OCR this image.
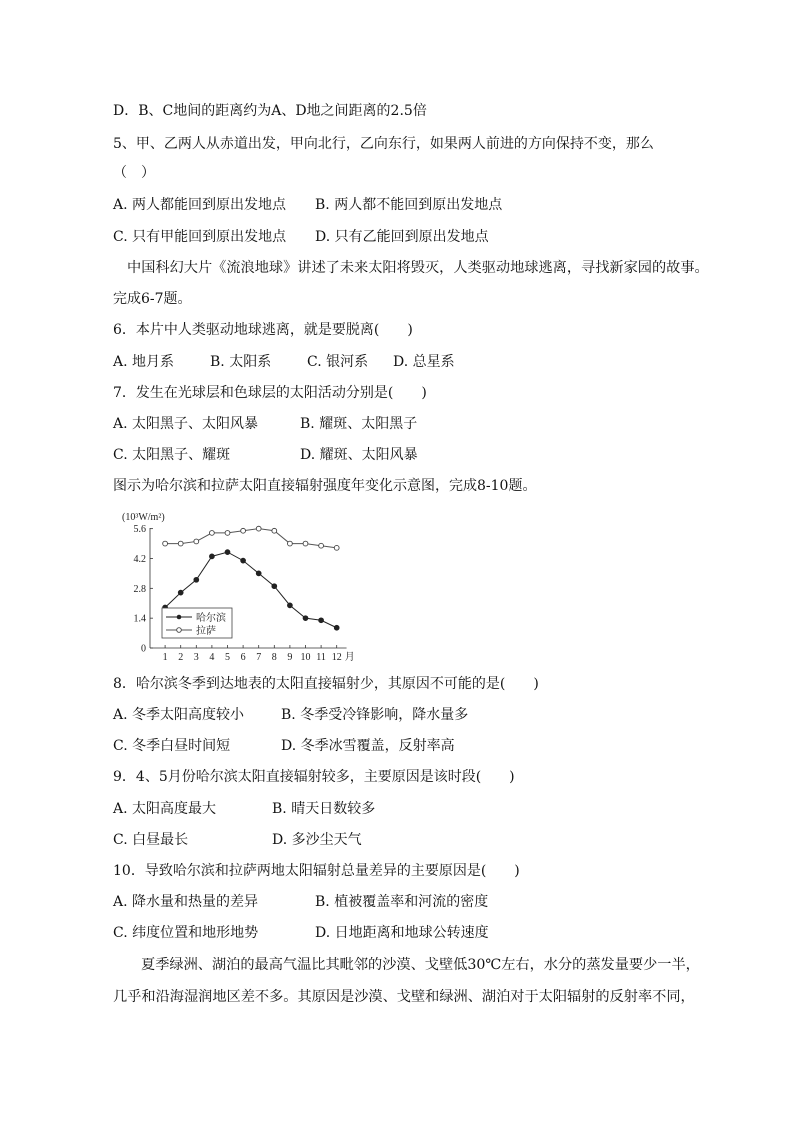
D．B、C地间的距离约为A、D地之间距离的2.5倍
5、甲、乙两人从赤道出发，甲向北行，乙向东行，如果两人前进的方向保持不变，那么
（　）
A. 两人都能回到原出发地点 B. 两人都不能回到原出发地点
C. 只有甲能回到原出发地点 D. 只有乙能回到原出发地点
中国科幻大片《流浪地球》讲述了未来太阳将毁灭，人类驱动地球逃离，寻找新家园的故事。
完成6-7题。
6．本片中人类驱动地球逃离，就是要脱离(　　)
A. 地月系	B. 太阳系	C. 银河系 D. 总星系
7．发生在光球层和色球层的太阳活动分别是(　　)
A. 太阳黑子、太阳风暴	B. 耀斑、太阳黑子
C. 太阳黑子、耀斑	D. 耀斑、太阳风暴
图示为哈尔滨和拉萨太阳直接辐射强度年变化示意图，完成8-10题。
(10³W/m²)
0
1.4
2.8
4.2
5.6
1 2 3 4 5 6 7 8 9 10 11 12 月
哈尔滨
拉萨
8．哈尔滨冬季到达地表的太阳直接辐射少，其原因不可能的是(　　)
A. 冬季太阳高度较小	B. 冬季受冷锋影响，降水量多
C. 冬季白昼时间短	D. 冬季冰雪覆盖，反射率高
9．4、5月份哈尔滨太阳直接辐射较多，主要原因是该时段(　　)
A. 太阳高度最大	B. 晴天日数较多
C. 白昼最长	D. 多沙尘天气
10．导致哈尔滨和拉萨两地太阳辐射总量差异的主要原因是(　　)
A. 降水量和热量的差异	B. 植被覆盖率和河流的密度
C. 纬度位置和地形地势	D. 日地距离和地球公转速度
夏季绿洲、湖泊的最高气温比其毗邻的沙漠、戈壁低30℃左右，水分的蒸发量要少一半，
几乎和沿海湿润地区差不多。其原因是沙漠、戈壁和绿洲、湖泊对于太阳辐射的反射率不同，
